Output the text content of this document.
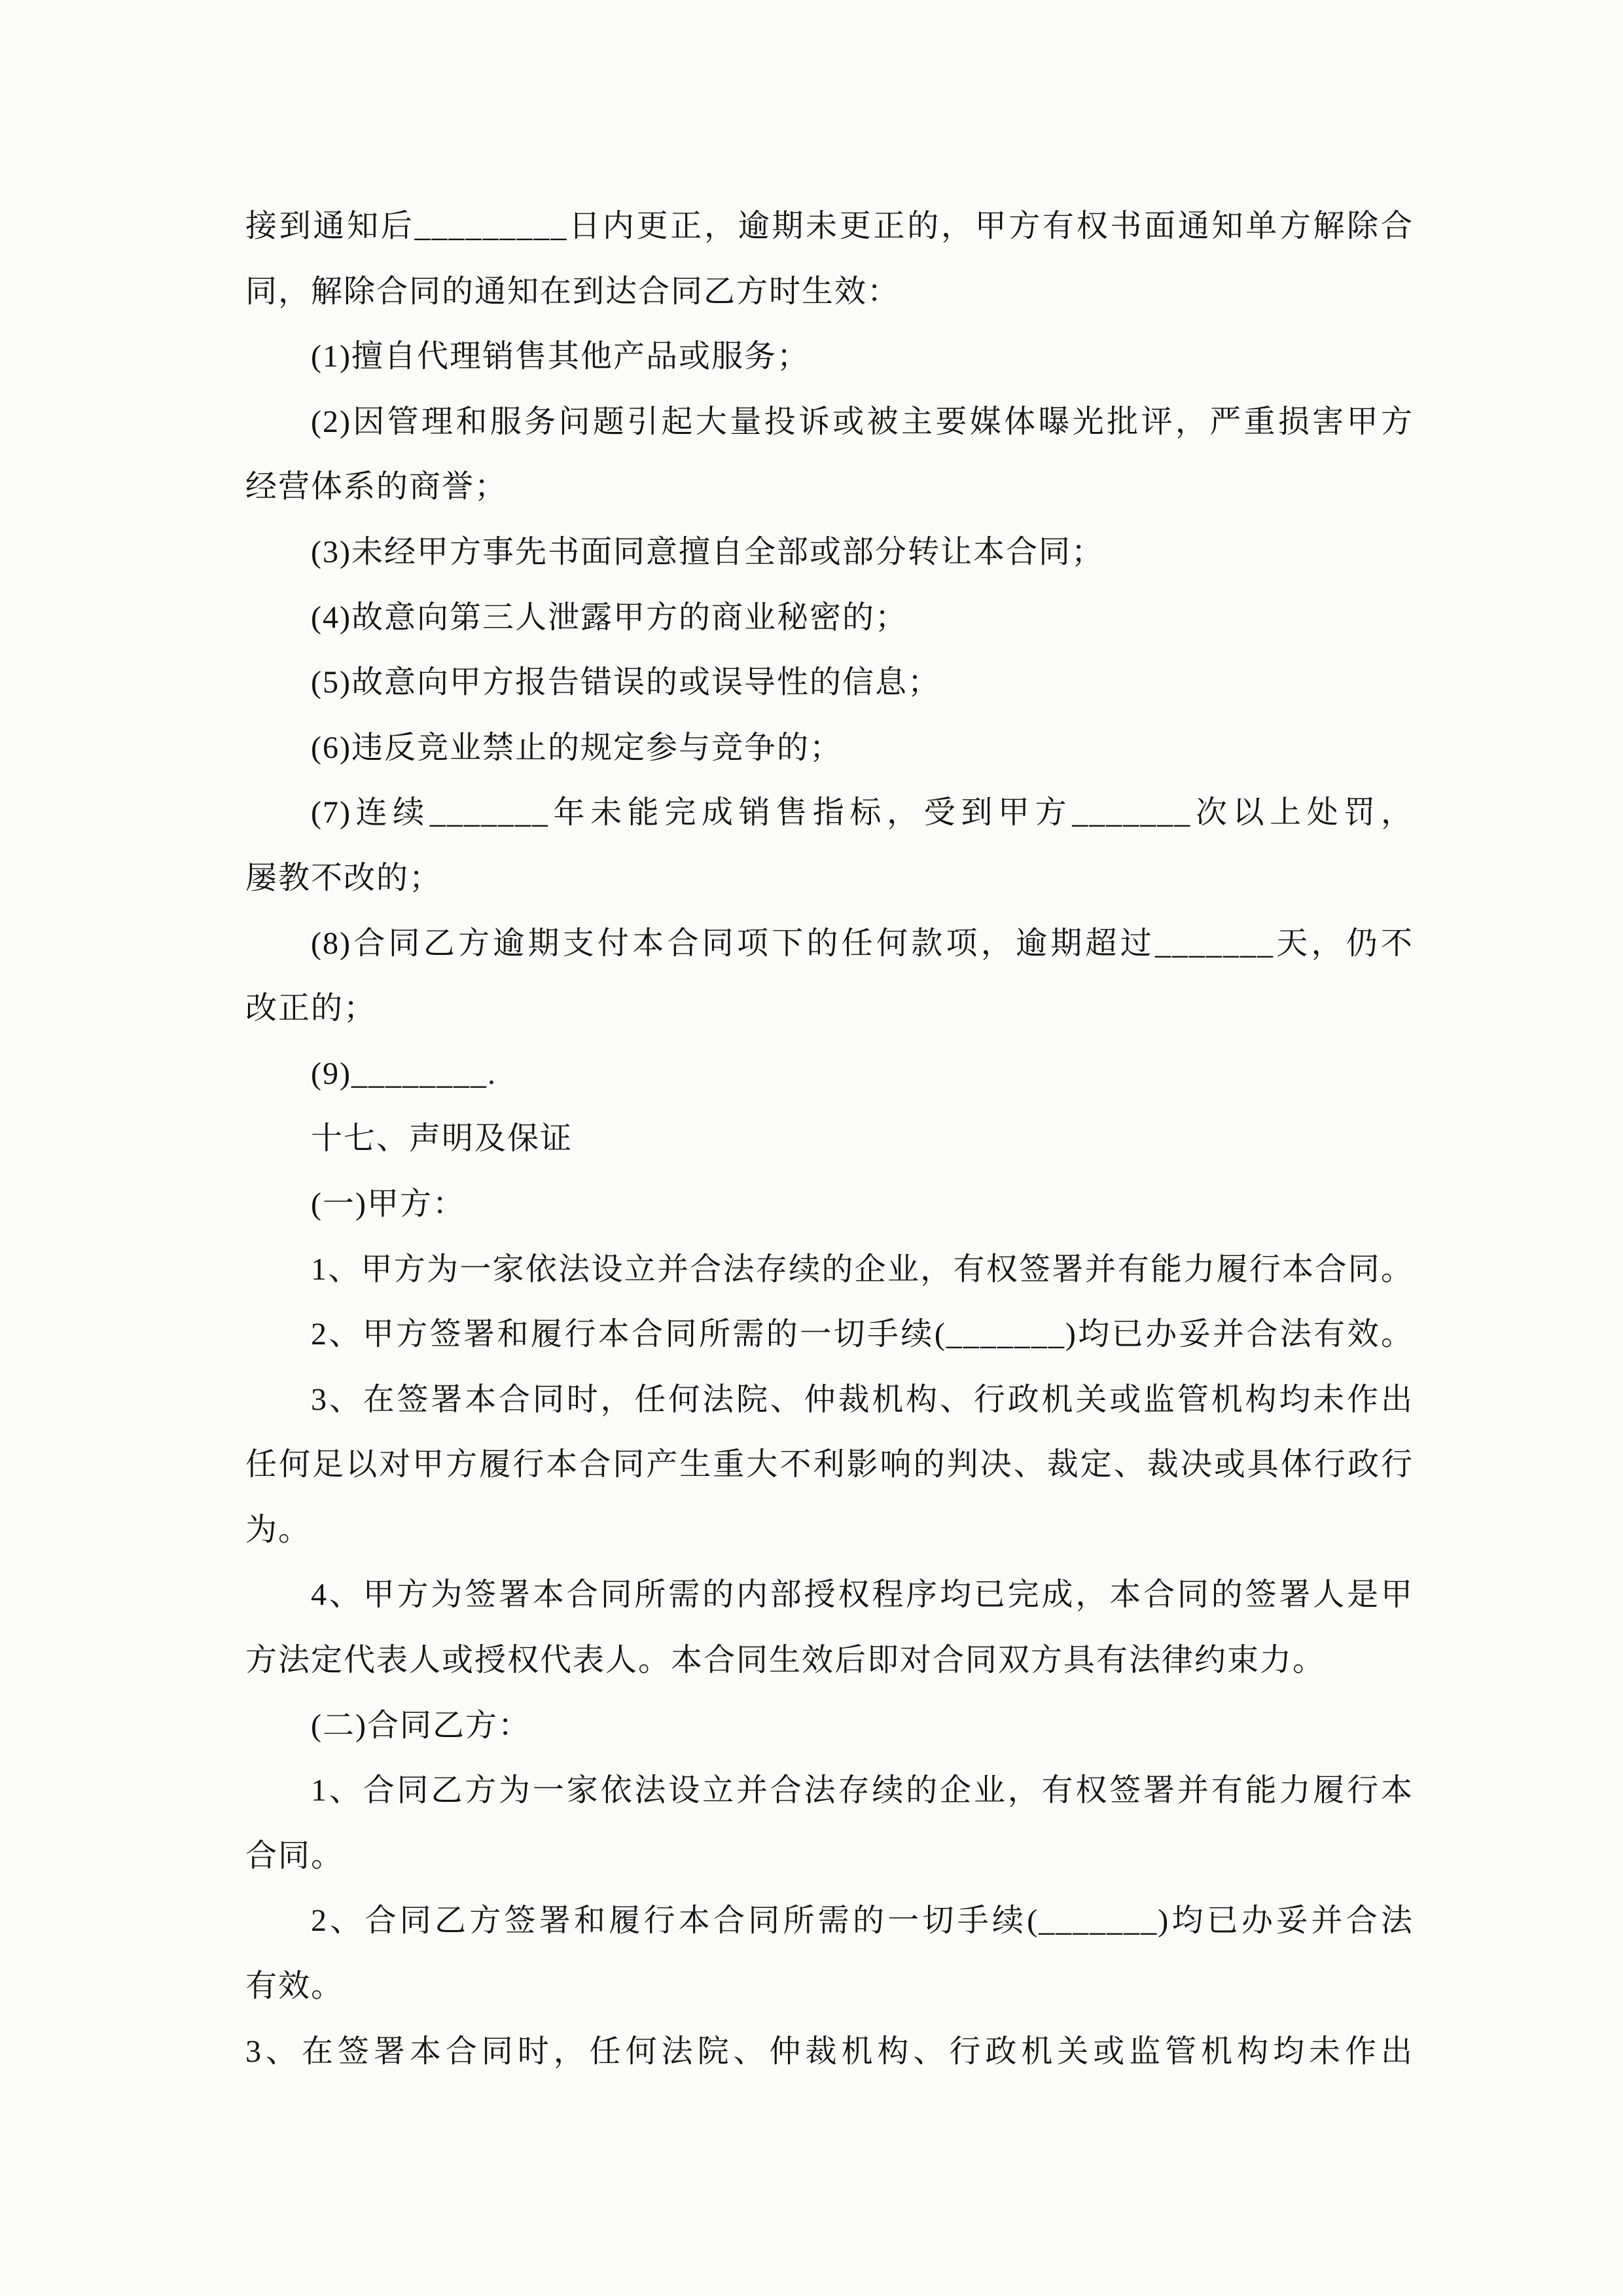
接到通知后_________日内更正，逾期未更正的，甲方有权书面通知单方解除合
同，解除合同的通知在到达合同乙方时生效：
(1)擅自代理销售其他产品或服务；
(2)因管理和服务问题引起大量投诉或被主要媒体曝光批评，严重损害甲方
经营体系的商誉；
(3)未经甲方事先书面同意擅自全部或部分转让本合同；
(4)故意向第三人泄露甲方的商业秘密的；
(5)故意向甲方报告错误的或误导性的信息；
(6)违反竞业禁止的规定参与竞争的；
(7)连续_______年未能完成销售指标，受到甲方_______次以上处罚，
屡教不改的；
(8)合同乙方逾期支付本合同项下的任何款项，逾期超过_______天，仍不
改正的；
(9)________.
十七、声明及保证
(一)甲方：
1、甲方为一家依法设立并合法存续的企业，有权签署并有能力履行本合同。
2、甲方签署和履行本合同所需的一切手续(_______)均已办妥并合法有效。
3、在签署本合同时，任何法院、仲裁机构、行政机关或监管机构均未作出
任何足以对甲方履行本合同产生重大不利影响的判决、裁定、裁决或具体行政行
为。
4、甲方为签署本合同所需的内部授权程序均已完成，本合同的签署人是甲
方法定代表人或授权代表人。本合同生效后即对合同双方具有法律约束力。
(二)合同乙方：
1、合同乙方为一家依法设立并合法存续的企业，有权签署并有能力履行本
合同。
2、合同乙方签署和履行本合同所需的一切手续(_______)均已办妥并合法
有效。
3、在签署本合同时，任何法院、仲裁机构、行政机关或监管机构均未作出
